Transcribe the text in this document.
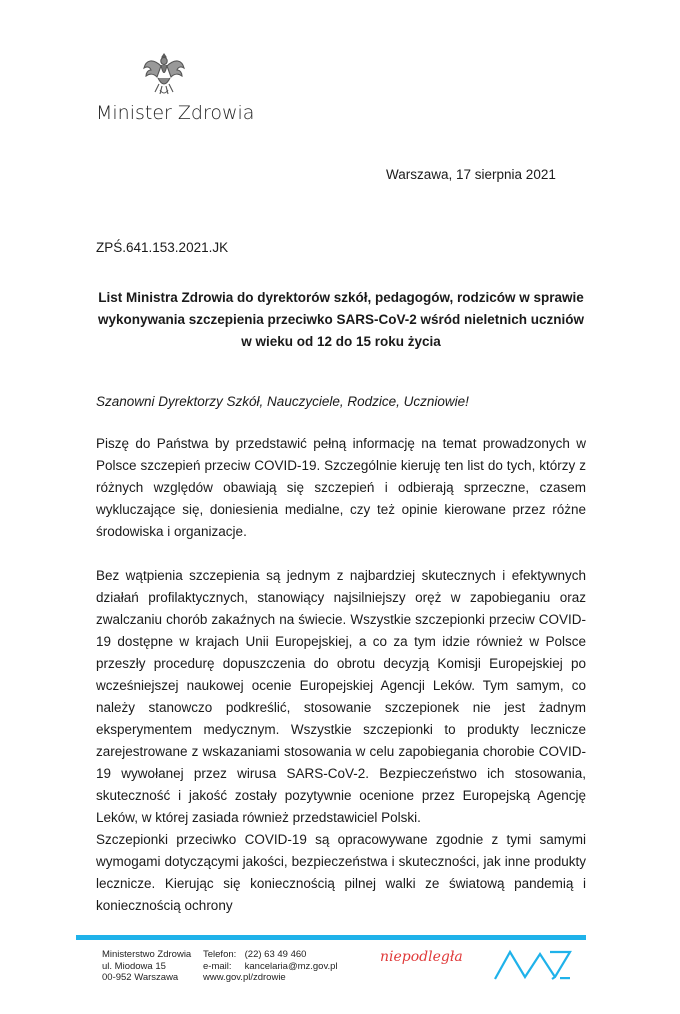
Minister Zdrowia
Warszawa, 17 sierpnia 2021
ZPŚ.641.153.2021.JK
List Ministra Zdrowia do dyrektorów szkół, pedagogów, rodziców w sprawie wykonywania szczepienia przeciwko SARS-CoV-2 wśród nieletnich uczniów w wieku od 12 do 15 roku życia
Szanowni Dyrektorzy Szkół, Nauczyciele, Rodzice, Uczniowie!

Piszę do Państwa by przedstawić pełną informację na temat prowadzonych w Polsce szczepień przeciw COVID-19. Szczególnie kieruję ten list do tych, którzy z różnych względów obawiają się szczepień i odbierają sprzeczne, czasem wykluczające się, doniesienia medialne, czy też opinie kierowane przez różne środowiska i organizacje.

Bez wątpienia szczepienia są jednym z najbardziej skutecznych i efektywnych działań profilaktycznych, stanowiący najsilniejszy oręż w zapobieganiu oraz zwalczaniu chorób zakaźnych na świecie. Wszystkie szczepionki przeciw COVID-19 dostępne w krajach Unii Europejskiej, a co za tym idzie również w Polsce przeszły procedurę dopuszczenia do obrotu decyzją Komisji Europejskiej po wcześniejszej naukowej ocenie Europejskiej Agencji Leków. Tym samym, co należy stanowczo podkreślić, stosowanie szczepionek nie jest żadnym eksperymentem medycznym. Wszystkie szczepionki to produkty lecznicze zarejestrowane z wskazaniami stosowania w celu zapobiegania chorobie COVID-19 wywołanej przez wirusa SARS-CoV-2. Bezpieczeństwo ich stosowania, skuteczność i jakość zostały pozytywnie ocenione przez Europejską Agencję Leków, w której zasiada również przedstawiciel Polski.

Szczepionki przeciwko COVID-19 są opracowywane zgodnie z tymi samymi wymogami dotyczącymi jakości, bezpieczeństwa i skuteczności, jak inne produkty lecznicze. Kierując się koniecznością pilnej walki ze światową pandemią i koniecznością ochrony

Ministerstwo Zdrowia
ul. Miodowa 15
00-952 Warszawa
Telefon: (22) 63 49 460
e-mail: kancelaria@mz.gov.pl
www.gov.pl/zdrowie
niepodległa
